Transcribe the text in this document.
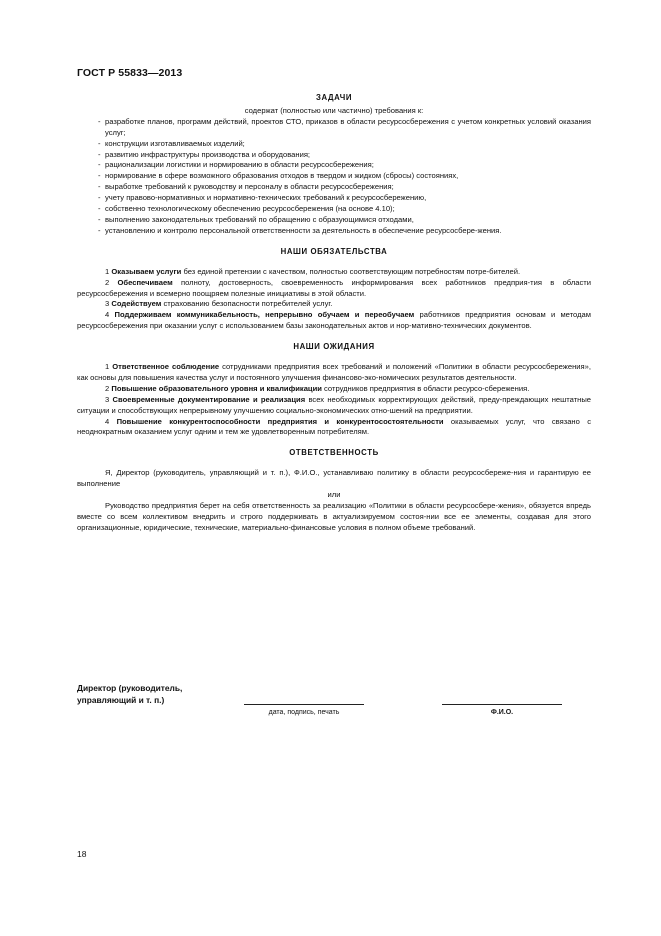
ГОСТ Р 55833—2013
ЗАДАЧИ
содержат (полностью или частично) требования к:
- разработке планов, программ действий, проектов СТО, приказов в области ресурсосбережения с учетом конкретных условий оказания услуг;
- конструкции изготавливаемых изделий;
- развитию инфраструктуры производства и оборудования;
- рационализации логистики и нормированию в области ресурсосбережения;
- нормирование в сфере возможного образования отходов в твердом и жидком (сбросы) состояниях,
- выработке требований к руководству и персоналу в области ресурсосбережения;
- учету правово-нормативных и нормативно-технических требований к ресурсосбережению,
- собственно технологическому обеспечению ресурсосбережения (на основе 4.10);
- выполнению законодательных требований по обращению с образующимися отходами,
- установлению и контролю персональной ответственности за деятельность в обеспечение ресурсосбере-жения.
НАШИ ОБЯЗАТЕЛЬСТВА
1 Оказываем услуги без единой претензии с качеством, полностью соответствующим потребностям потре-бителей.
2 Обеспечиваем полноту, достоверность, своевременность информирования всех работников предприя-тия в области ресурсосбережения и всемерно поощряем полезные инициативы в этой области.
3 Содействуем страхованию безопасности потребителей услуг.
4 Поддерживаем коммуникабельность, непрерывно обучаем и переобучаем работников предприятия основам и методам ресурсосбережения при оказании услуг с использованием базы законодательных актов и нор-мативно-технических документов.
НАШИ ОЖИДАНИЯ
1 Ответственное соблюдение сотрудниками предприятия всех требований и положений «Политики в области ресурсосбережения», как основы для повышения качества услуг и постоянного улучшения финансово-эко-номических результатов деятельности.
2 Повышение образовательного уровня и квалификации сотрудников предприятия в области ресурсо-сбережения.
3 Своевременные документирование и реализация всех необходимых корректирующих действий, преду-преждающих нештатные ситуации и способствующих непрерывному улучшению социально-экономических отно-шений на предприятии.
4 Повышение конкурентоспособности предприятия и конкурентосостоятельности оказываемых услуг, что связано с неоднократным оказанием услуг одним и тем же удовлетворенным потребителям.
ОТВЕТСТВЕННОСТЬ
Я, Директор (руководитель, управляющий и т. п.), Ф.И.О., устанавливаю политику в области ресурсосбереже-ния и гарантирую ее выполнение
или
Руководство предприятия берет на себя ответственность за реализацию «Политики в области ресурсосбере-жения», обязуется впредь вместе со всем коллективом внедрить и строго поддерживать в актуализируемом состоя-нии все ее элементы, создавая для этого организационные, юридические, технические, материально-финансовые условия в полном объеме требований.
Директор (руководитель, управляющий и т. п.)
дата, подпись, печать	Ф.И.О.
18
